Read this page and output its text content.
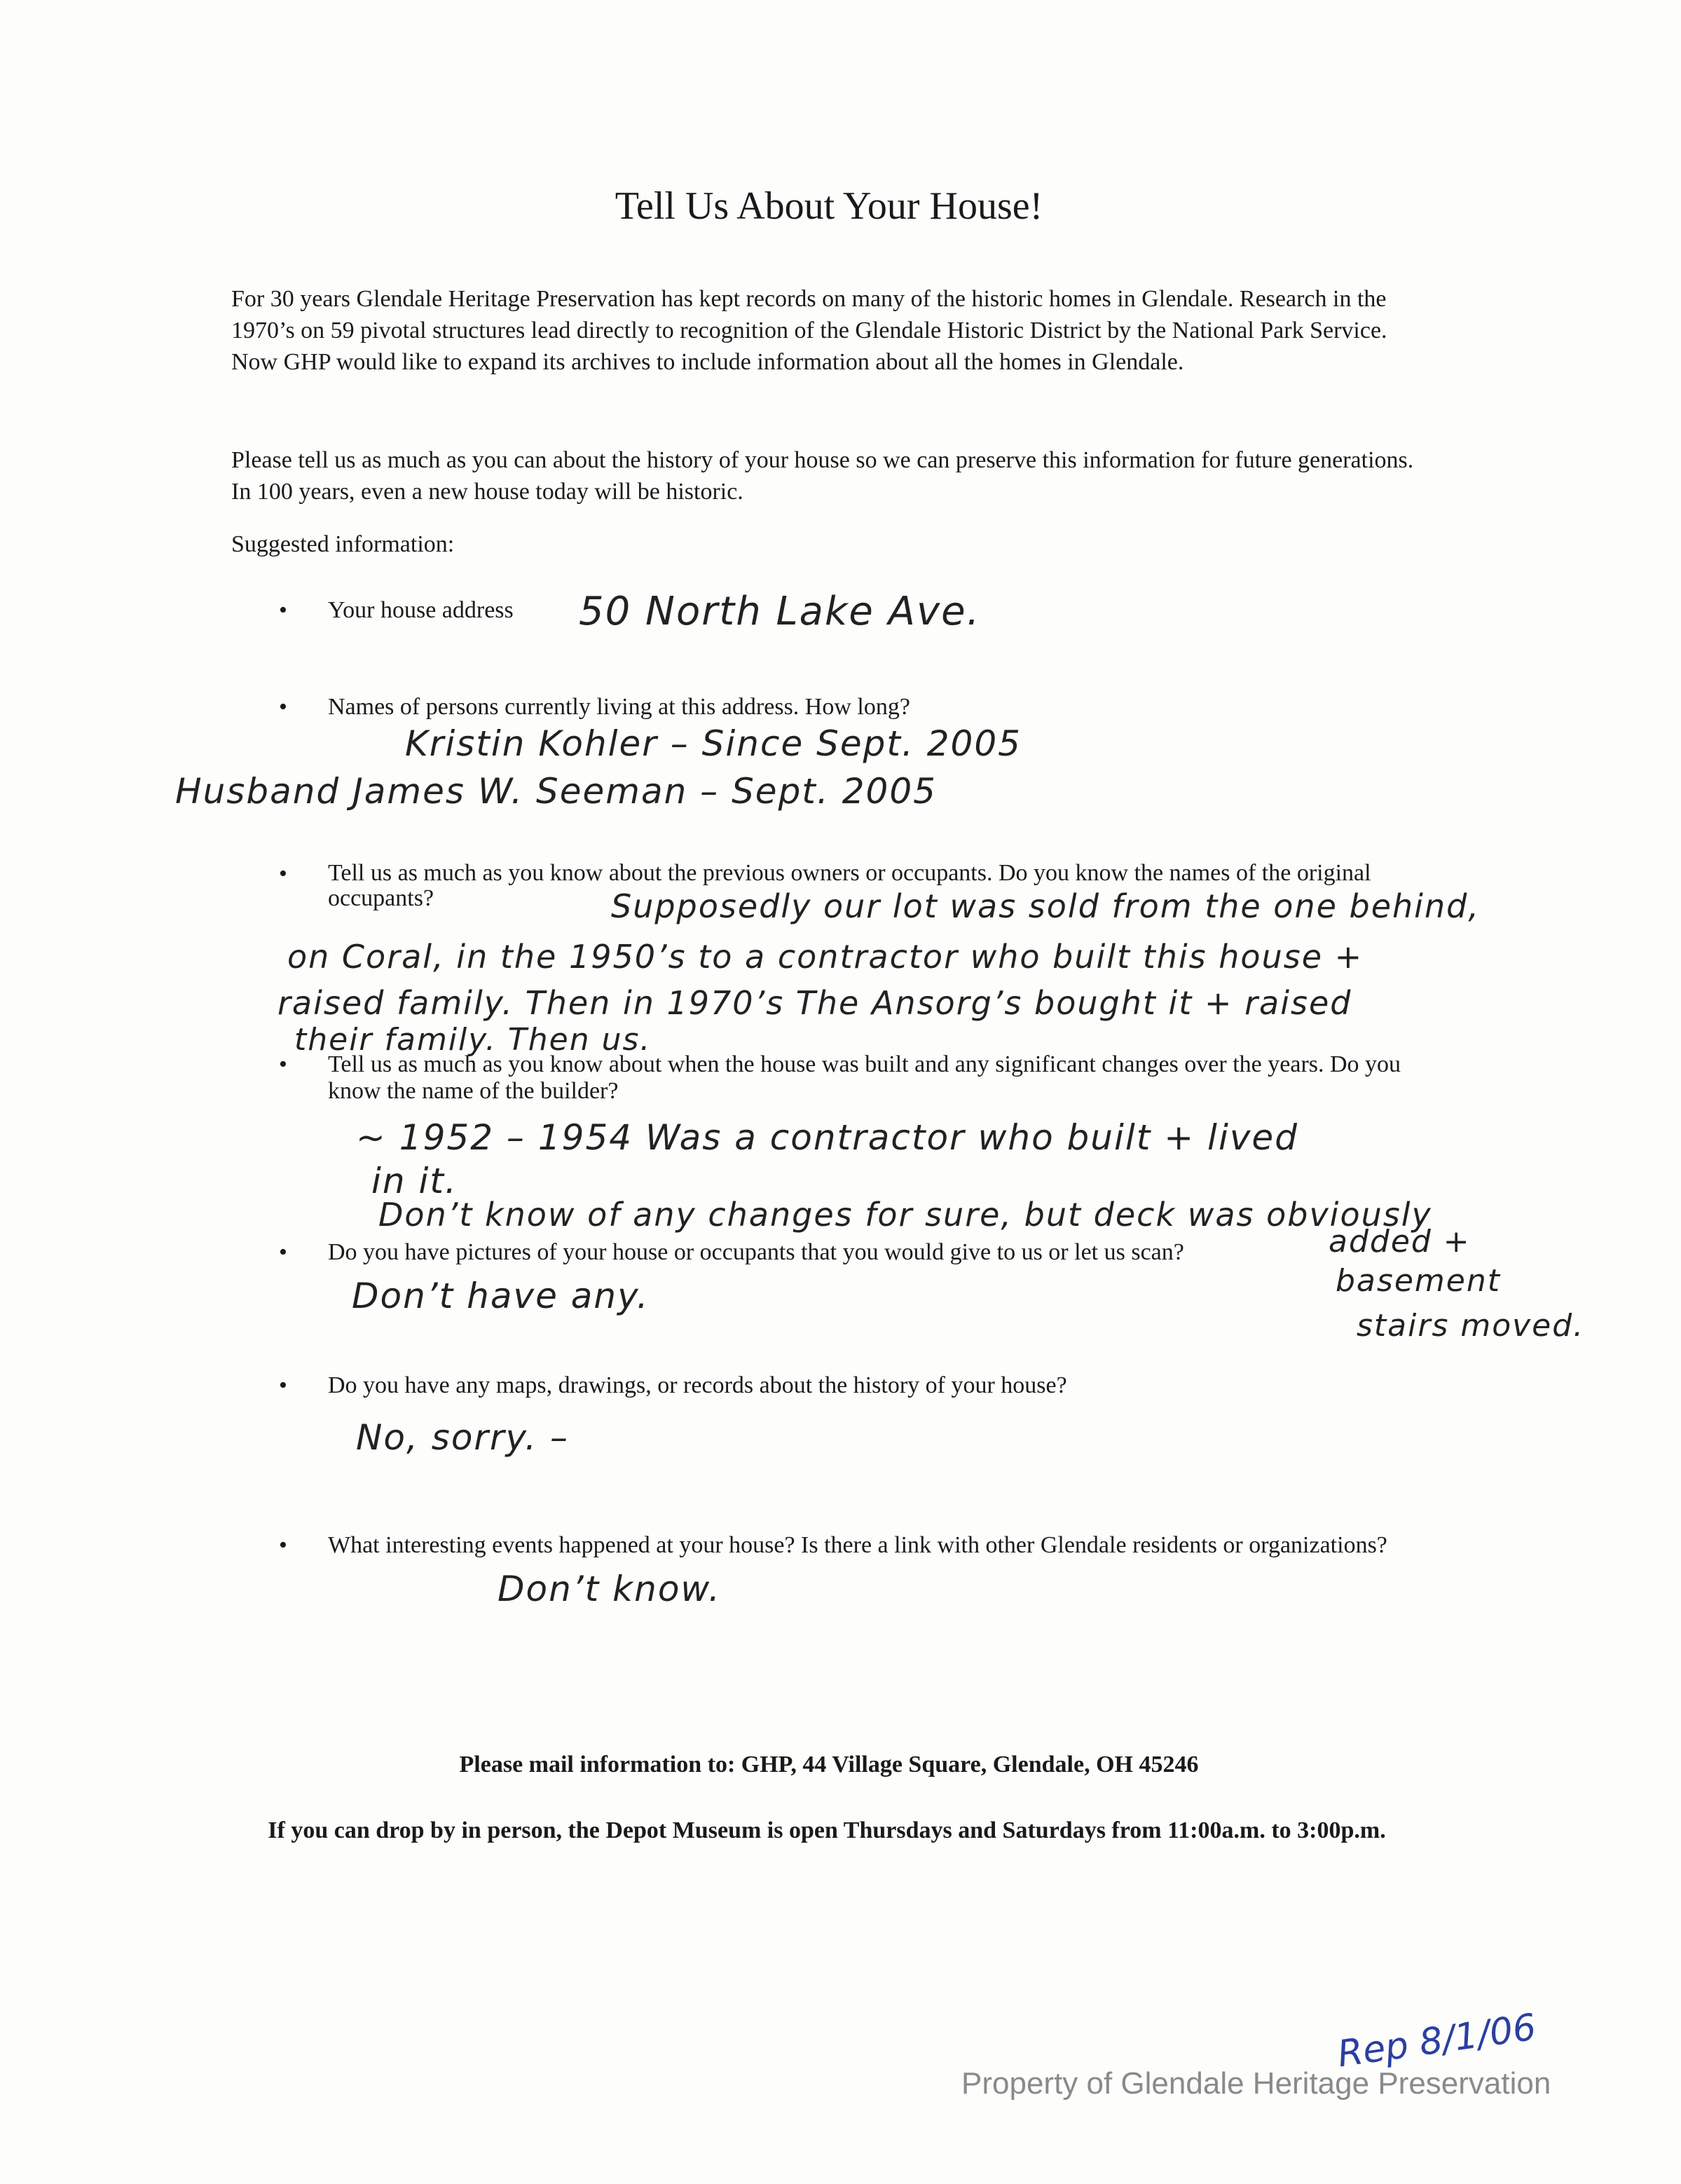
Tell Us About Your House!
For 30 years Glendale Heritage Preservation has kept records on many of the historic homes in Glendale. Research in the 1970’s on 59 pivotal structures lead directly to recognition of the Glendale Historic District by the National Park Service. Now GHP would like to expand its archives to include information about all the homes in Glendale.
Please tell us as much as you can about the history of your house so we can preserve this information for future generations. In 100 years, even a new house today will be historic.
Suggested information:
• Your house address	50 North Lake Ave.
• Names of persons currently living at this address. How long?
Kristin Kohler – Since Sept. 2005
Husband James W. Seeman – Sept. 2005
• Tell us as much as you know about the previous owners or occupants. Do you know the names of the original occupants?	Supposedly our lot was sold from the one behind,
on Coral, in the 1950’s to a contractor who built this house +
raised family. Then in 1970’s The Ansorg’s bought it + raised
their family. Then us.
• Tell us as much as you know about when the house was built and any significant changes over the years. Do you know the name of the builder?
~ 1952 – 1954 Was a contractor who built + lived
in it.
Don’t know of any changes for sure, but deck was obviously
added +
basement
stairs moved.
• Do you have pictures of your house or occupants that you would give to us or let us scan?
Don’t have any.
• Do you have any maps, drawings, or records about the history of your house?
No, sorry. –
• What interesting events happened at your house? Is there a link with other Glendale residents or organizations?
Don’t know.
Please mail information to: GHP, 44 Village Square, Glendale, OH 45246
If you can drop by in person, the Depot Museum is open Thursdays and Saturdays from 11:00a.m. to 3:00p.m.
Property of Glendale Heritage Preservation
Rep 8/1/06
